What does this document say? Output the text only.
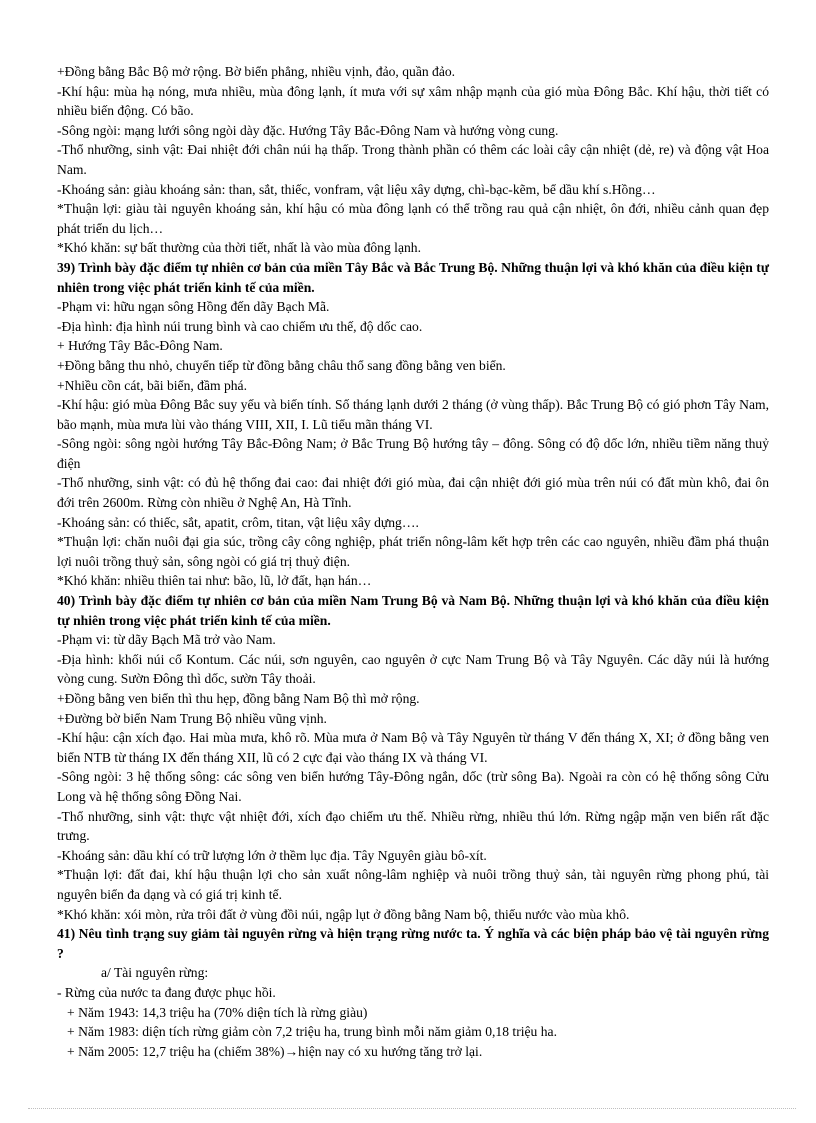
+Đồng bằng Bắc Bộ mở rộng. Bờ biển phẳng, nhiều vịnh, đảo, quần đảo.
-Khí hậu: mùa hạ nóng, mưa nhiều, mùa đông lạnh, ít mưa với sự xâm nhập mạnh của gió mùa Đông Bắc. Khí hậu, thời tiết có nhiều biến động. Có bão.
-Sông ngòi: mạng lưới sông ngòi dày đặc. Hướng Tây Bắc-Đông Nam và hướng vòng cung.
-Thổ nhưỡng, sinh vật: Đai nhiệt đới chân núi hạ thấp. Trong thành phần có thêm các loài cây cận nhiệt (dẻ, re) và động vật Hoa Nam.
-Khoáng sản: giàu khoáng sản: than, sắt, thiếc, vonfram, vật liệu xây dựng, chì-bạc-kẽm, bể dầu khí s.Hồng…
*Thuận lợi: giàu tài nguyên khoáng sản, khí hậu có mùa đông lạnh có thể trồng rau quả cận nhiệt, ôn đới, nhiều cảnh quan đẹp phát triển du lịch…
*Khó khăn: sự bất thường của thời tiết, nhất là vào mùa đông lạnh.
39) Trình bày đặc điểm tự nhiên cơ bản của miền Tây Bắc và Bắc Trung Bộ. Những thuận lợi và khó khăn của điều kiện tự nhiên trong việc phát triển kinh tế của miền.
-Phạm vi: hữu ngạn sông Hồng đến dãy Bạch Mã.
-Địa hình: địa hình núi trung bình và cao chiếm ưu thế, độ dốc cao.
+ Hướng Tây Bắc-Đông Nam.
+Đồng bằng thu nhỏ, chuyển tiếp từ đồng bằng châu thổ sang đồng bằng ven biển.
+Nhiều cồn cát, bãi biển, đầm phá.
-Khí hậu: gió mùa Đông Bắc suy yếu và biến tính. Số tháng lạnh dưới 2 tháng (ở vùng thấp). Bắc Trung Bộ có gió phơn Tây Nam, bão mạnh, mùa mưa lùi vào tháng VIII, XII, I. Lũ tiểu mãn tháng VI.
-Sông ngòi: sông ngòi hướng Tây Bắc-Đông Nam; ở Bắc Trung Bộ hướng tây – đông. Sông có độ dốc lớn, nhiều tiềm năng thuỷ điện
-Thổ nhưỡng, sinh vật: có đủ hệ thống đai cao: đai nhiệt đới gió mùa, đai cận nhiệt đới gió mùa trên núi có đất mùn khô, đai ôn đới trên 2600m. Rừng còn nhiều ở Nghệ An, Hà Tĩnh.
-Khoáng sản: có thiếc, sắt, apatit, crôm, titan, vật liệu xây dựng….
*Thuận lợi: chăn nuôi đại gia súc, trồng cây công nghiệp, phát triển nông-lâm kết hợp trên các cao nguyên, nhiều đầm phá thuận lợi nuôi trồng thuỷ sản, sông ngòi có giá trị thuỷ điện.
*Khó khăn: nhiều thiên tai như: bão, lũ, lở đất, hạn hán…
40) Trình bày đặc điểm tự nhiên cơ bản của miền Nam Trung Bộ và Nam Bộ. Những thuận lợi và khó khăn của điều kiện tự nhiên trong việc phát triển kinh tế của miền.
-Phạm vi: từ dãy Bạch Mã trở vào Nam.
-Địa hình: khối núi cổ Kontum. Các núi, sơn nguyên, cao nguyên ở cực Nam Trung Bộ và Tây Nguyên. Các dãy núi là hướng vòng cung. Sườn Đông thì dốc, sườn Tây thoải.
+Đồng bằng ven biển thì thu hẹp, đồng bằng Nam Bộ thì mở rộng.
+Đường bờ biển Nam Trung Bộ nhiều vũng vịnh.
-Khí hậu: cận xích đạo. Hai mùa mưa, khô rõ. Mùa mưa ở Nam Bộ và Tây Nguyên từ tháng V đến tháng X, XI; ở đồng bằng ven biển NTB từ tháng IX đến tháng XII, lũ có 2 cực đại vào tháng IX và tháng VI.
-Sông ngòi: 3 hệ thống sông: các sông ven biển hướng Tây-Đông ngắn, dốc (trừ sông Ba). Ngoài ra còn có hệ thống sông Cửu Long và hệ thống sông Đồng Nai.
-Thổ nhưỡng, sinh vật: thực vật nhiệt đới, xích đạo chiếm ưu thế. Nhiều rừng, nhiều thú lớn. Rừng ngập mặn ven biển rất đặc trưng.
-Khoáng sản: dầu khí có trữ lượng lớn ở thềm lục địa. Tây Nguyên giàu bô-xít.
*Thuận lợi: đất đai, khí hậu thuận lợi cho sản xuất nông-lâm nghiệp và nuôi trồng thuỷ sản, tài nguyên rừng phong phú, tài nguyên biển đa dạng và có giá trị kinh tế.
*Khó khăn: xói mòn, rửa trôi đất ở vùng đồi núi, ngập lụt ở đồng bằng Nam bộ, thiếu nước vào mùa khô.
41) Nêu tình trạng suy giảm tài nguyên rừng và hiện trạng rừng nước ta. Ý nghĩa và các biện pháp bảo vệ tài nguyên rừng ?
a/ Tài nguyên rừng:
- Rừng của nước ta đang được phục hồi.
+ Năm 1943: 14,3 triệu ha (70% diện tích là rừng giàu)
+ Năm 1983: diện tích rừng giảm còn 7,2 triệu ha, trung bình mỗi năm giảm 0,18 triệu ha.
+ Năm 2005: 12,7 triệu ha (chiếm 38%)→hiện nay có xu hướng tăng trở lại.
